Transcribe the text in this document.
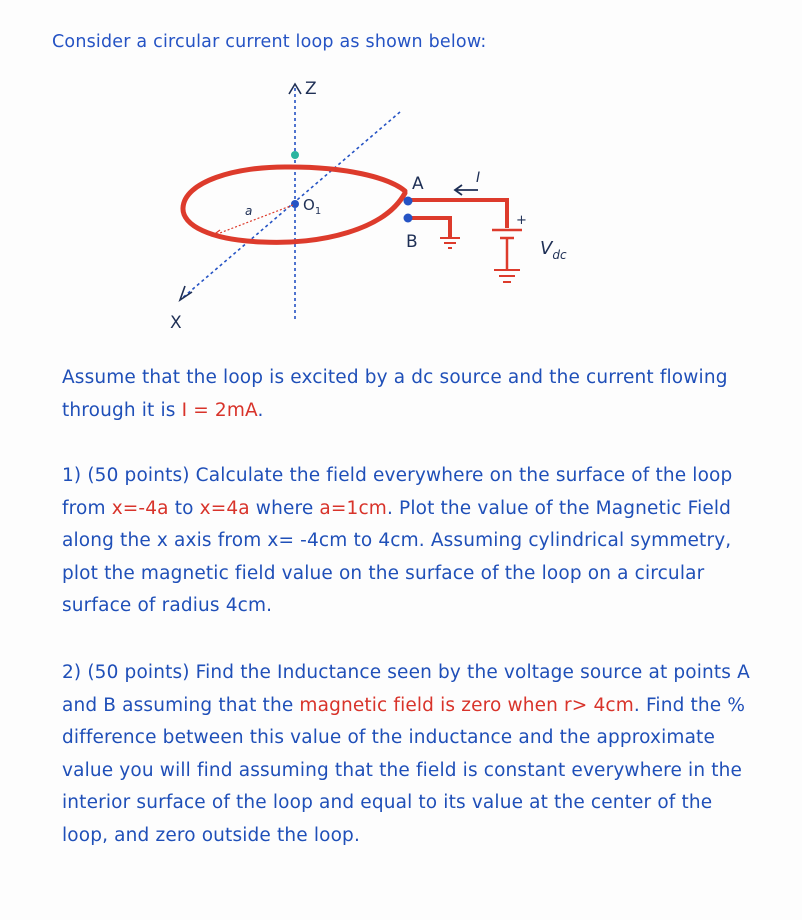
Consider a circular current loop as shown below:

Z
X
+
$V_{dc}$
I
A
B
$O_1$
a

Assume that the loop is excited by a dc source and the current flowing through it is I = 2mA.

1) (50 points) Calculate the field everywhere on the surface of the loop from x=-4a to x=4a where a=1cm. Plot the value of the Magnetic Field along the x axis from x= -4cm to 4cm. Assuming cylindrical symmetry, plot the magnetic field value on the surface of the loop on a circular surface of radius 4cm.

2) (50 points) Find the Inductance seen by the voltage source at points A and B assuming that the magnetic field is zero when r> 4cm. Find the % difference between this value of the inductance and the approximate value you will find assuming that the field is constant everywhere in the interior surface of the loop and equal to its value at the center of the loop, and zero outside the loop.
